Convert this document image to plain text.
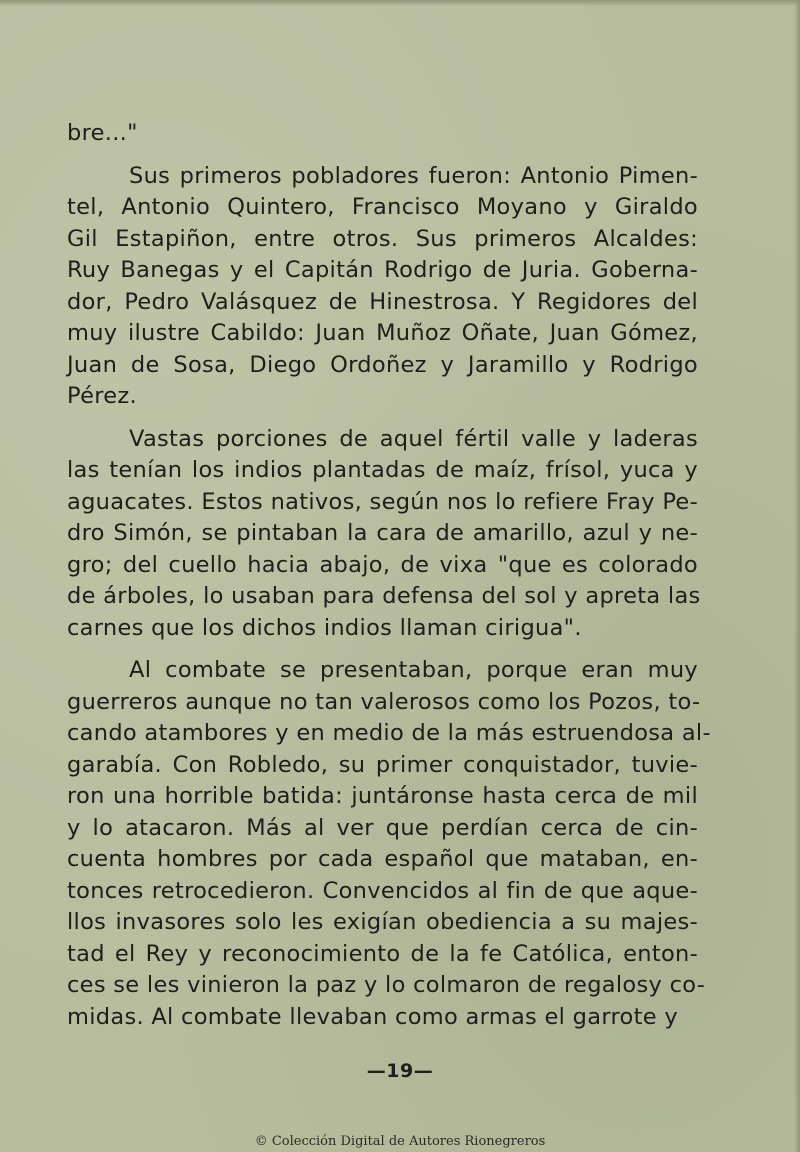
bre..."
Sus primeros pobladores fueron: Antonio Pimen-
tel, Antonio Quintero, Francisco Moyano y Giraldo
Gil Estapiñon, entre otros. Sus primeros Alcaldes:
Ruy Banegas y el Capitán Rodrigo de Juria. Goberna-
dor, Pedro Valásquez de Hinestrosa. Y Regidores del
muy ilustre Cabildo: Juan Muñoz Oñate, Juan Gómez,
Juan de Sosa, Diego Ordoñez y Jaramillo y Rodrigo
Pérez.
Vastas porciones de aquel fértil valle y laderas
las tenían los indios plantadas de maíz, frísol, yuca y
aguacates. Estos nativos, según nos lo refiere Fray Pe-
dro Simón, se pintaban la cara de amarillo, azul y ne-
gro; del cuello hacia abajo, de vixa "que es colorado
de árboles, lo usaban para defensa del sol y apreta las
carnes que los dichos indios llaman cirigua".
Al combate se presentaban, porque eran muy
guerreros aunque no tan valerosos como los Pozos, to-
cando atambores y en medio de la más estruendosa al-
garabía. Con Robledo, su primer conquistador, tuvie-
ron una horrible batida: juntáronse hasta cerca de mil
y lo atacaron. Más al ver que perdían cerca de cin-
cuenta hombres por cada español que mataban, en-
tonces retrocedieron. Convencidos al fin de que aque-
llos invasores solo les exigían obediencia a su majes-
tad el Rey y reconocimiento de la fe Católica, enton-
ces se les vinieron la paz y lo colmaron de regalosy co-
midas. Al combate llevaban como armas el garrote y
—19—
© Colección Digital de Autores Rionegreros
